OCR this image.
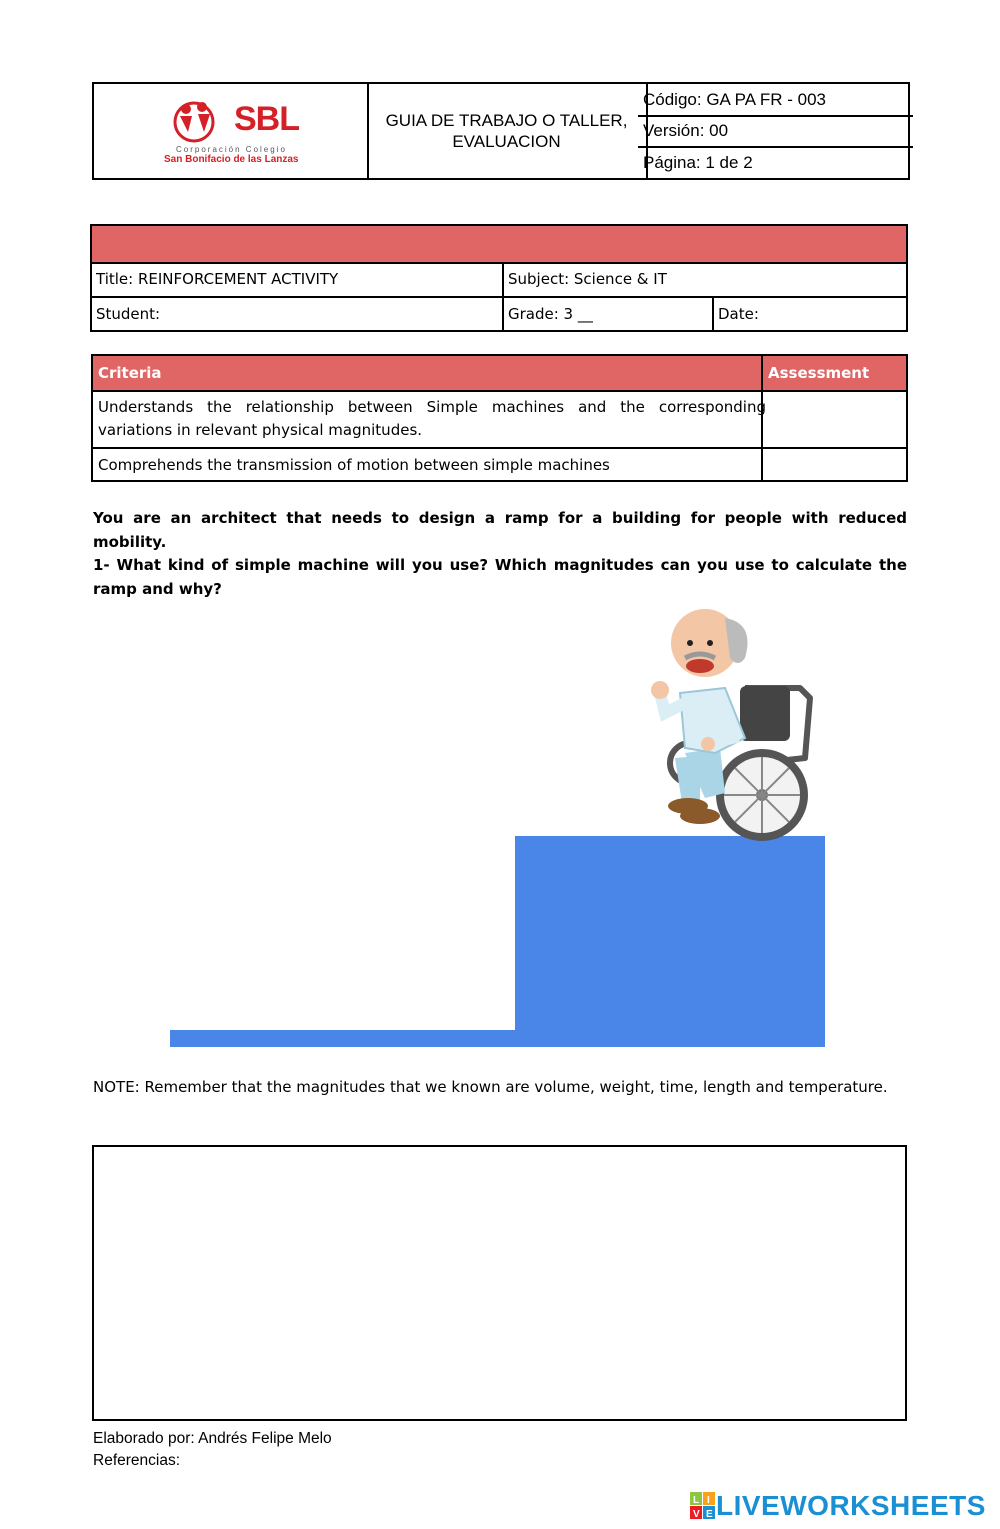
SBL
Corporación Colegio
San Bonifacio de las Lanzas
GUIA DE TRABAJO O TALLER, EVALUACION
Código: GA PA FR - 003
Versión: 00
Página: 1 de 2
Title: REINFORCEMENT ACTIVITY	Subject: Science & IT
Student:	Grade: 3 __	Date:
Criteria	Assessment
Understands the relationship between Simple machines and the corresponding variations in relevant physical magnitudes.
Comprehends the transmission of motion between simple machines
You are an architect that needs to design a ramp for a building for people with reduced mobility.
1- What kind of simple machine will you use? Which magnitudes can you use to calculate the ramp and why?
NOTE: Remember that the magnitudes that we known are volume, weight, time, length and temperature.
Elaborado por: Andrés Felipe Melo
Referencias:
L I
V E LIVEWORKSHEETS
